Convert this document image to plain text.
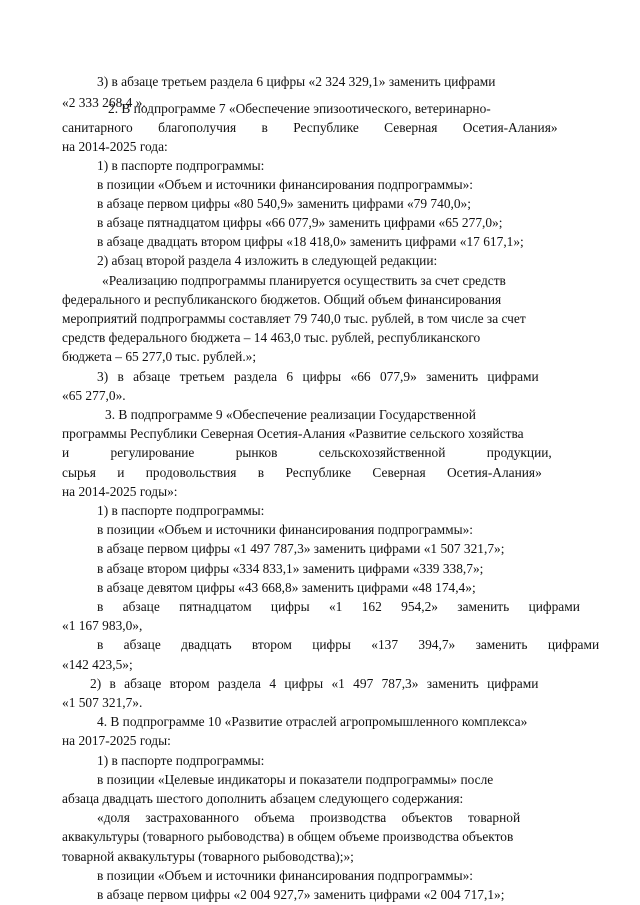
3) в абзаце третьем раздела 6 цифры «2 324 329,1» заменить цифрами
«2 333 268,4 ».
2. В подпрограмме 7 «Обеспечение эпизоотического, ветеринарно-
санитарного благополучия в Республике Северная Осетия-Алания»
на 2014-2025 года:
1) в паспорте подпрограммы:
в позиции «Объем и источники финансирования подпрограммы»:
в абзаце первом цифры «80 540,9» заменить цифрами «79 740,0»;
в абзаце пятнадцатом цифры «66 077,9» заменить цифрами «65 277,0»;
в абзаце двадцать втором цифры «18 418,0» заменить цифрами «17 617,1»;
2) абзац второй раздела 4 изложить в следующей редакции:
«Реализацию подпрограммы планируется осуществить за счет средств
федерального и республиканского бюджетов. Общий объем финансирования
мероприятий подпрограммы составляет 79 740,0 тыс. рублей, в том числе за счет
средств федерального бюджета – 14 463,0 тыс. рублей, республиканского
бюджета – 65 277,0 тыс. рублей.»;
3) в абзаце третьем раздела 6 цифры «66 077,9» заменить цифрами
«65 277,0».
3. В подпрограмме 9 «Обеспечение реализации Государственной
программы Республики Северная Осетия-Алания «Развитие сельского хозяйства
и регулирование рынков сельскохозяйственной продукции,
сырья и продовольствия в Республике Северная Осетия-Алания»
на 2014-2025 годы»:
1) в паспорте подпрограммы:
в позиции «Объем и источники финансирования подпрограммы»:
в абзаце первом цифры «1 497 787,3» заменить цифрами «1 507 321,7»;
в абзаце втором цифры «334 833,1» заменить цифрами «339 338,7»;
в абзаце девятом цифры «43 668,8» заменить цифрами «48 174,4»;
в абзаце пятнадцатом цифры «1 162 954,2» заменить цифрами
«1 167 983,0»,
в абзаце двадцать втором цифры «137 394,7» заменить цифрами
«142 423,5»;
2) в абзаце втором раздела 4 цифры «1 497 787,3» заменить цифрами
«1 507 321,7».
4. В подпрограмме 10 «Развитие отраслей агропромышленного комплекса»
на 2017-2025 годы:
1) в паспорте подпрограммы:
в позиции «Целевые индикаторы и показатели подпрограммы» после
абзаца двадцать шестого дополнить абзацем следующего содержания:
«доля застрахованного объема производства объектов товарной
аквакультуры (товарного рыбоводства) в общем объеме производства объектов
товарной аквакультуры (товарного рыбоводства);»;
в позиции «Объем и источники финансирования подпрограммы»:
в абзаце первом цифры «2 004 927,7» заменить цифрами «2 004 717,1»;
